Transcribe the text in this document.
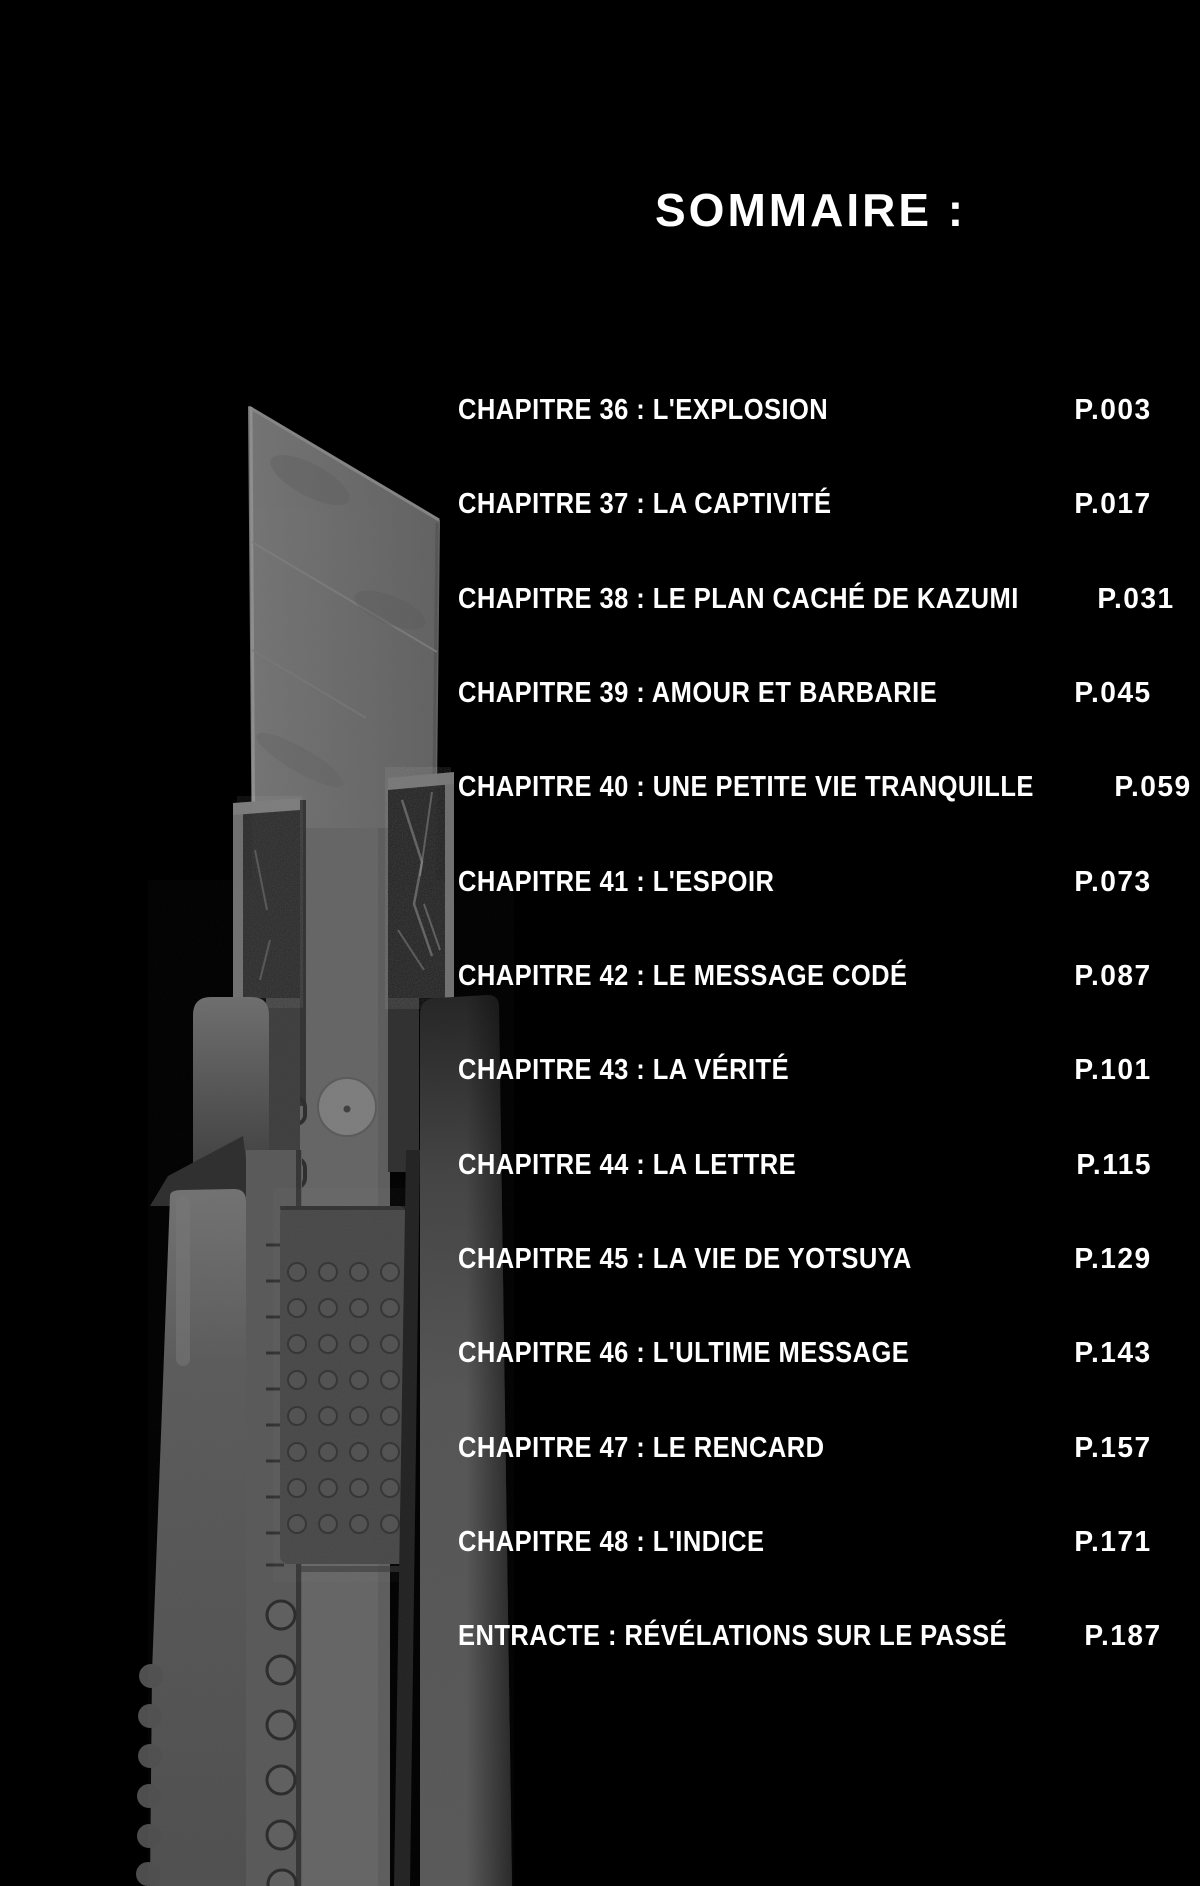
SOMMAIRE :
CHAPITRE 36 : L'EXPLOSION	P.003
CHAPITRE 37 : LA CAPTIVITÉ	P.017
CHAPITRE 38 : LE PLAN CACHÉ DE KAZUMI	P.031
CHAPITRE 39 : AMOUR ET BARBARIE	P.045
CHAPITRE 40 : UNE PETITE VIE TRANQUILLE	P.059
CHAPITRE 41 : L'ESPOIR	P.073
CHAPITRE 42 : LE MESSAGE CODÉ	P.087
CHAPITRE 43 : LA VÉRITÉ	P.101
CHAPITRE 44 : LA LETTRE	P.115
CHAPITRE 45 : LA VIE DE YOTSUYA	P.129
CHAPITRE 46 : L'ULTIME MESSAGE	P.143
CHAPITRE 47 : LE RENCARD	P.157
CHAPITRE 48 : L'INDICE	P.171
ENTRACTE : RÉVÉLATIONS SUR LE PASSÉ	P.187
